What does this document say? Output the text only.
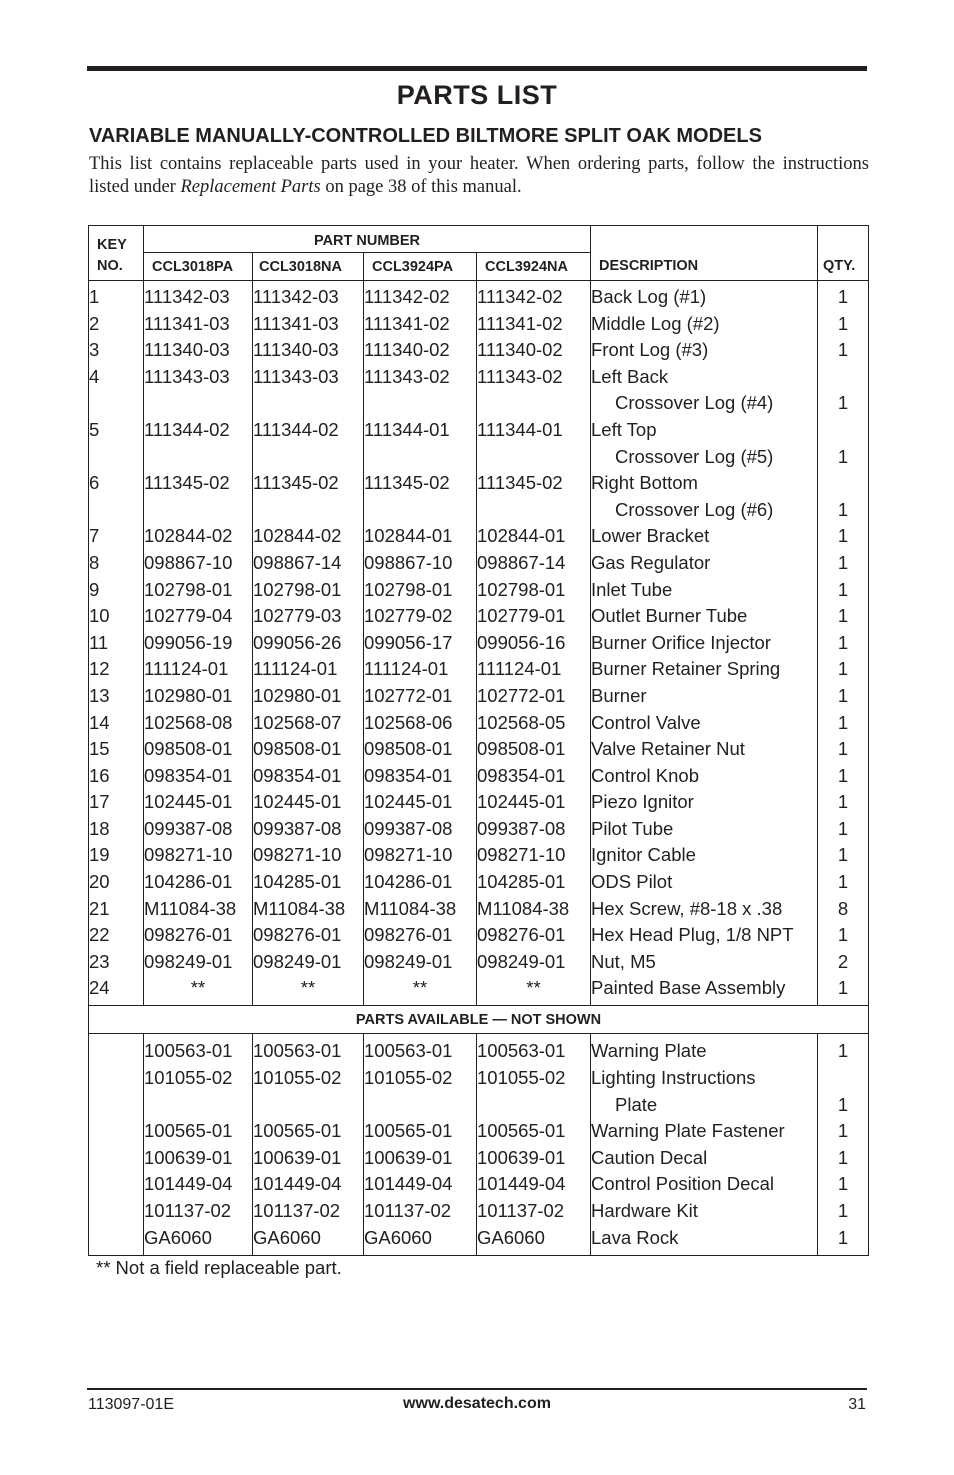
PARTS LIST
VARIABLE MANUALLY-CONTROLLED BILTMORE SPLIT OAK MODELS
This list contains replaceable parts used in your heater. When ordering parts, follow the instructions listed under Replacement Parts on page 38 of this manual.
KEY	PART NUMBER					
NO.	CCL3018PA	CCL3018NA	CCL3924PA	CCL3924NA	DESCRIPTION	QTY.
1	111342-03	111342-03	111342-02	111342-02	Back Log (#1)	1
2	111341-03	111341-03	111341-02	111341-02	Middle Log (#2)	1
3	111340-03	111340-03	111340-02	111340-02	Front Log (#3)	1
4	111343-03	111343-03	111343-02	111343-02	Left Back	
					Crossover Log (#4)	1
5	111344-02	111344-02	111344-01	111344-01	Left Top	
					Crossover Log (#5)	1
6	111345-02	111345-02	111345-02	111345-02	Right Bottom	
					Crossover Log (#6)	1
7	102844-02	102844-02	102844-01	102844-01	Lower Bracket	1
8	098867-10	098867-14	098867-10	098867-14	Gas Regulator	1
9	102798-01	102798-01	102798-01	102798-01	Inlet Tube	1
10	102779-04	102779-03	102779-02	102779-01	Outlet Burner Tube	1
11	099056-19	099056-26	099056-17	099056-16	Burner Orifice Injector	1
12	111124-01	111124-01	111124-01	111124-01	Burner Retainer Spring	1
13	102980-01	102980-01	102772-01	102772-01	Burner	1
14	102568-08	102568-07	102568-06	102568-05	Control Valve	1
15	098508-01	098508-01	098508-01	098508-01	Valve Retainer Nut	1
16	098354-01	098354-01	098354-01	098354-01	Control Knob	1
17	102445-01	102445-01	102445-01	102445-01	Piezo Ignitor	1
18	099387-08	099387-08	099387-08	099387-08	Pilot Tube	1
19	098271-10	098271-10	098271-10	098271-10	Ignitor Cable	1
20	104286-01	104285-01	104286-01	104285-01	ODS Pilot	1
21	M11084-38	M11084-38	M11084-38	M11084-38	Hex Screw, #8-18 x .38	8
22	098276-01	098276-01	098276-01	098276-01	Hex Head Plug, 1/8 NPT	1
23	098249-01	098249-01	098249-01	098249-01	Nut, M5	2
24	**	**	**	**	Painted Base Assembly	1
PARTS AVAILABLE — NOT SHOWN						
	100563-01	100563-01	100563-01	100563-01	Warning Plate	1
	101055-02	101055-02	101055-02	101055-02	Lighting Instructions	
					Plate	1
	100565-01	100565-01	100565-01	100565-01	Warning Plate Fastener	1
	100639-01	100639-01	100639-01	100639-01	Caution Decal	1
	101449-04	101449-04	101449-04	101449-04	Control Position Decal	1
	101137-02	101137-02	101137-02	101137-02	Hardware Kit	1
	GA6060	GA6060	GA6060	GA6060	Lava Rock	1
** Not a field replaceable part.
113097-01E	www.desatech.com	31
